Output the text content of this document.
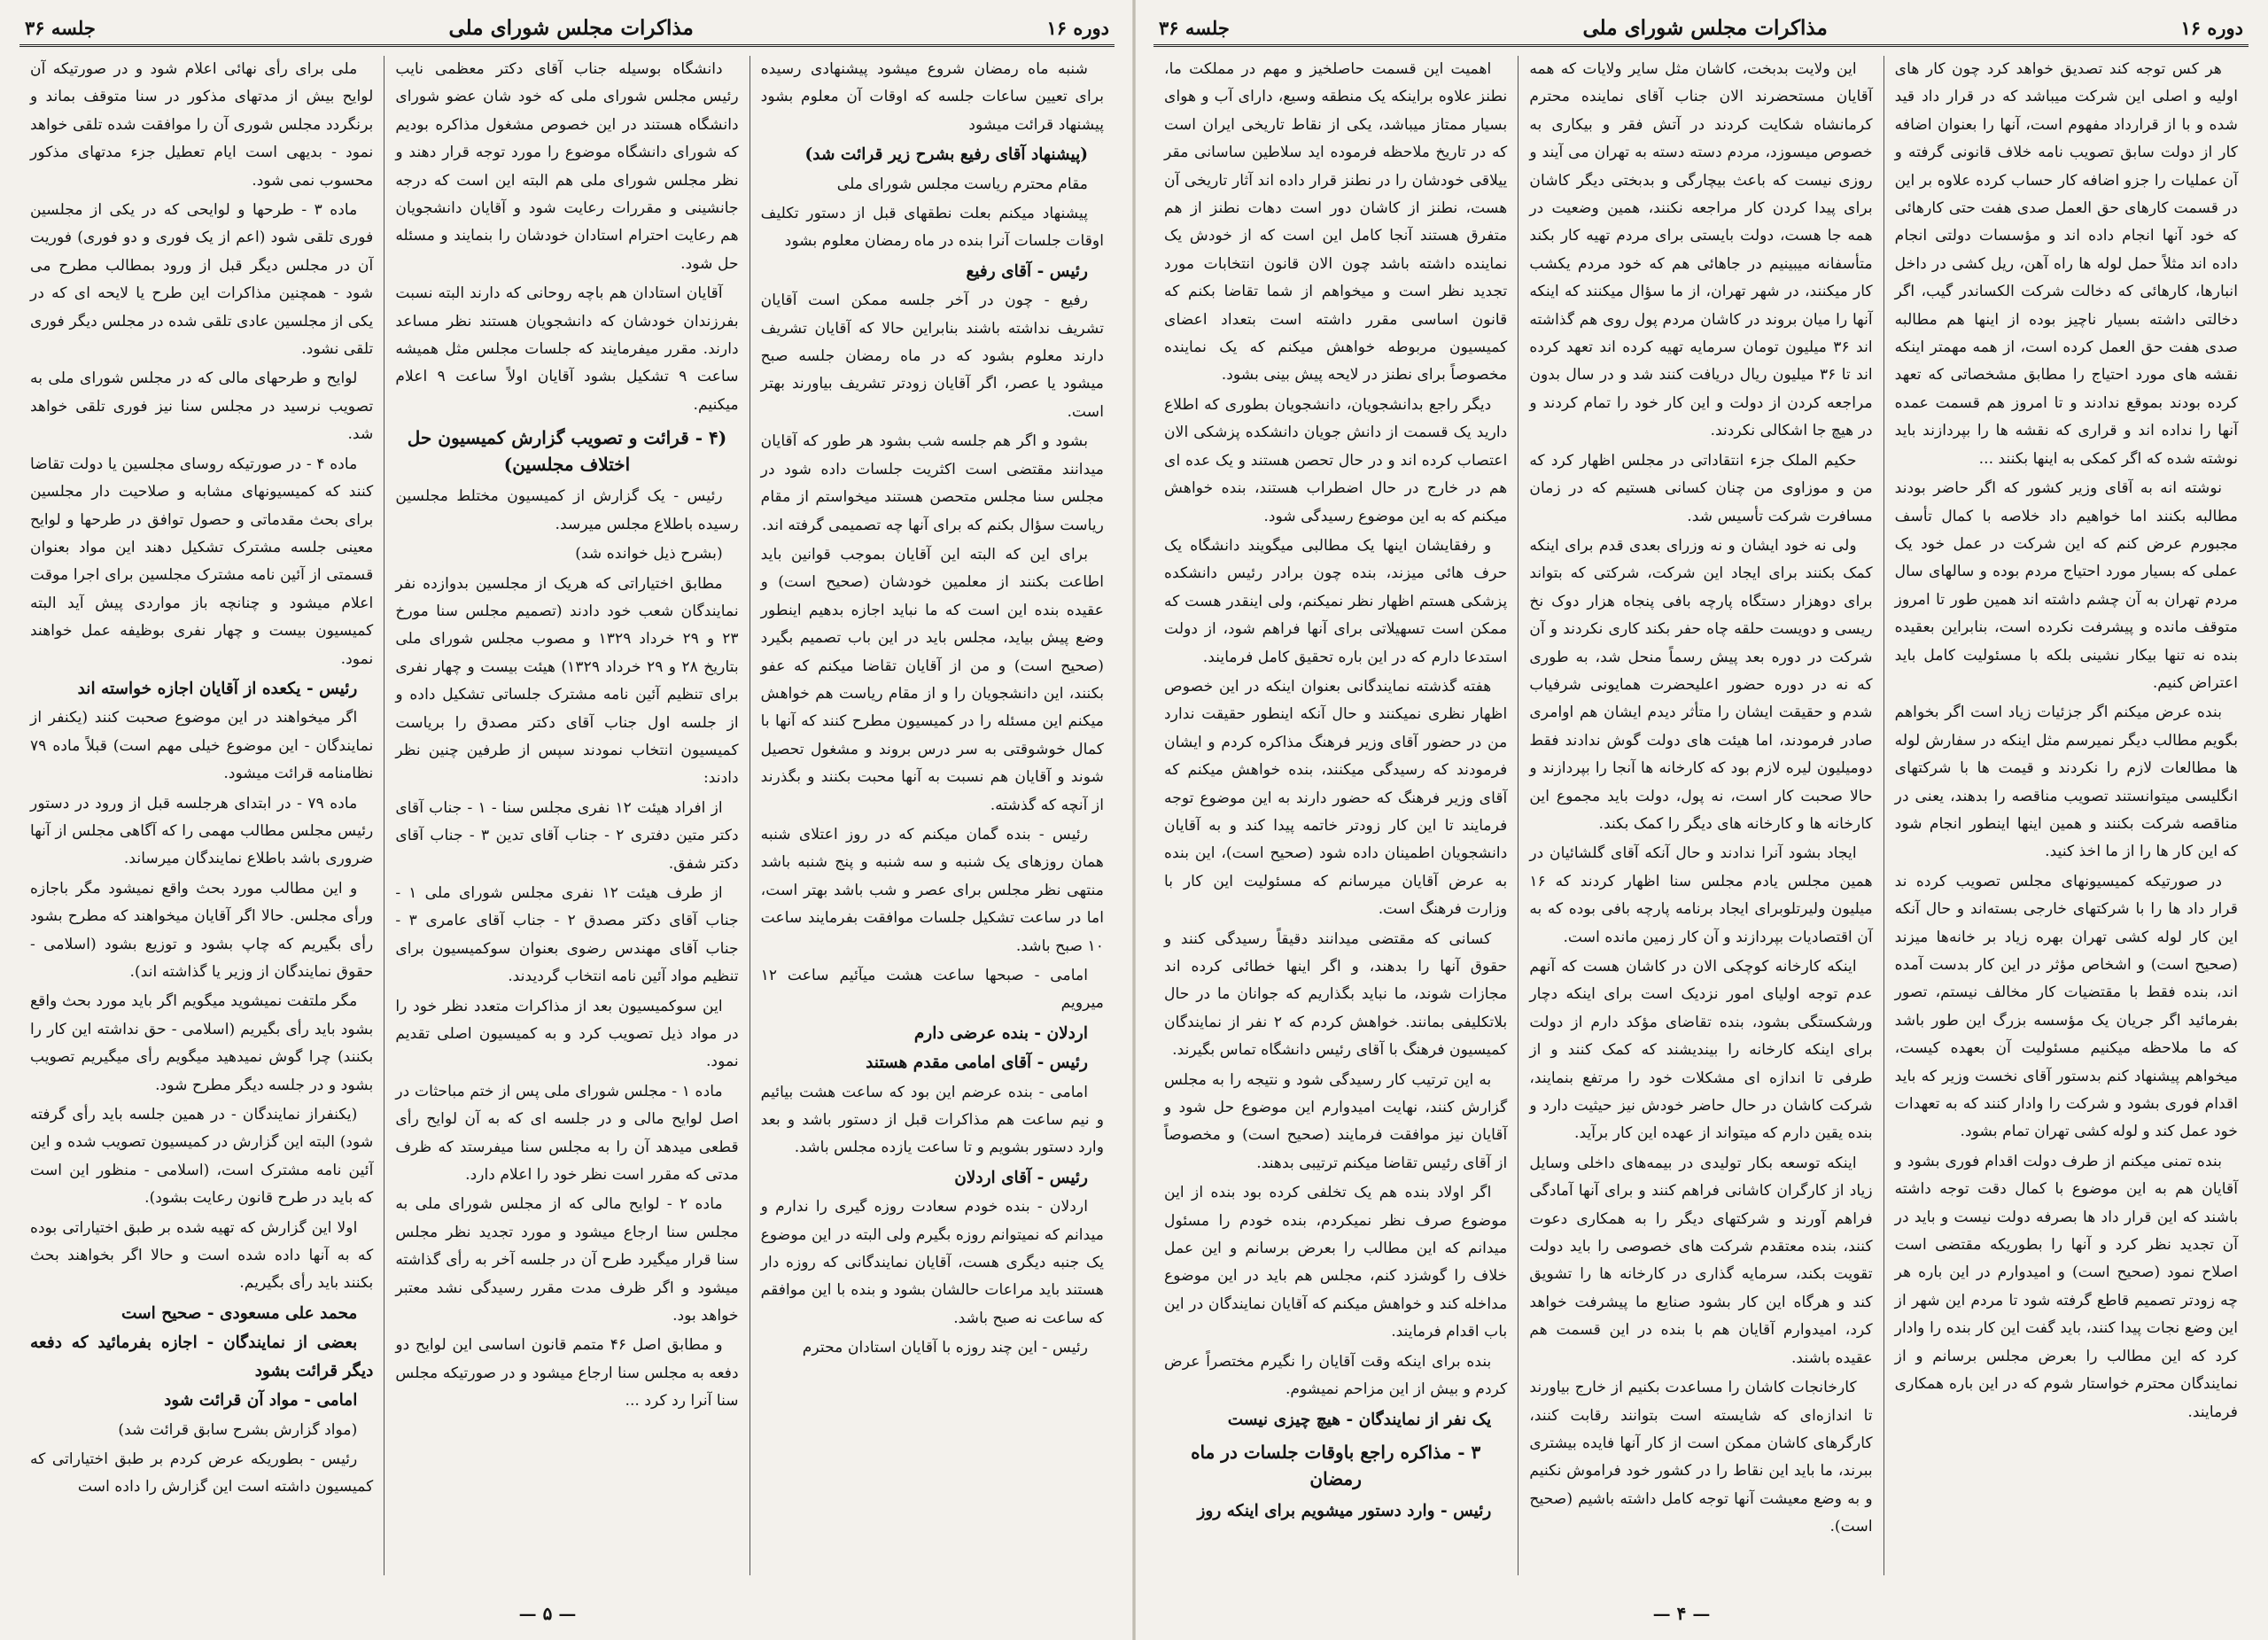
دوره ۱۶
مذاکرات مجلس شورای ملی
جلسه ۳۶

هر کس توجه کند تصدیق خواهد کرد چون کار های اولیه و اصلی این شرکت میباشد که در قرار داد قید شده و با از قرارداد مفهوم است، آنها را بعنوان اضافه کار از دولت سابق تصویب نامه خلاف قانونی گرفته و آن عملیات را جزو اضافه کار حساب کرده علاوه بر این در قسمت کارهای حق العمل صدی هفت حتی کارهائی که خود آنها انجام داده اند و مؤسسات دولتی انجام داده اند مثلاً حمل لوله ها راه آهن، ریل کشی در داخل انبارها، کارهائی که دخالت شرکت الکساندر گیب، اگر دخالتی داشته بسیار ناچیز بوده از اینها هم مطالبه صدی هفت حق العمل کرده است، از همه مهمتر اینکه نقشه های مورد احتیاج را مطابق مشخصاتی که تعهد کرده بودند بموقع ندادند و تا امروز هم قسمت عمده آنها را نداده اند و قراری که نقشه ها را بپردازند باید نوشته شده که اگر کمکی به اینها بکنند ...

نوشته انه به آقای وزیر کشور که اگر حاضر بودند مطالبه بکنند اما خواهیم داد خلاصه با کمال تأسف مجبورم عرض کنم که این شرکت در عمل خود یک عملی که بسیار مورد احتیاج مردم بوده و سالهای سال مردم تهران به آن چشم داشته اند همین طور تا امروز متوقف مانده و پیشرفت نکرده است، بنابراین بعقیده بنده نه تنها بیکار نشینی بلکه با مسئولیت کامل باید اعتراض کنیم.

بنده عرض میکنم اگر جزئیات زیاد است اگر بخواهم بگویم مطالب دیگر نمیرسم مثل اینکه در سفارش لوله ها مطالعات لازم را نکردند و قیمت ها با شرکتهای انگلیسی میتوانستند تصویب مناقصه را بدهند، یعنی در مناقصه شرکت بکنند و همین اینها اینطور انجام شود که این کار ها را از ما اخذ کنید.

در صورتیکه کمیسیونهای مجلس تصویب کرده ند قرار داد ها را با شرکتهای خارجی بسته‌اند و حال آنکه این کار لوله کشی تهران بهره زیاد بر خانه‌ها میزند (صحیح است) و اشخاص مؤثر در این کار بدست آمده اند، بنده فقط با مقتضیات کار مخالف نیستم، تصور بفرمائید اگر جریان یک مؤسسه بزرگ این طور باشد که ما ملاحظه میکنیم مسئولیت آن بعهده کیست، میخواهم پیشنهاد کنم بدستور آقای نخست وزیر که باید اقدام فوری بشود و شرکت را وادار کنند که به تعهدات خود عمل کند و لوله کشی تهران تمام بشود.

بنده تمنی میکنم از طرف دولت اقدام فوری بشود و آقایان هم به این موضوع با کمال دقت توجه داشته باشند که این قرار داد ها بصرفه دولت نیست و باید در آن تجدید نظر کرد و آنها را بطوریکه مقتضی است اصلاح نمود (صحیح است) و امیدوارم در این باره هر چه زودتر تصمیم قاطع گرفته شود تا مردم این شهر از این وضع نجات پیدا کنند، باید گفت این کار بنده را وادار کرد که این مطالب را بعرض مجلس برسانم و از نمایندگان محترم خواستار شوم که در این باره همکاری فرمایند.

این ولایت بدبخت، کاشان مثل سایر ولایات که همه آقایان مستحضرند الان جناب آقای نماینده محترم کرمانشاه شکایت کردند در آتش فقر و بیکاری به خصوص میسوزد، مردم دسته دسته به تهران می آیند و روزی نیست که باعث بیچارگی و بدبختی دیگر کاشان برای پیدا کردن کار مراجعه نکنند، همین وضعیت در همه جا هست، دولت بایستی برای مردم تهیه کار بکند متأسفانه میبینیم در جاهائی هم که خود مردم یکشب کار میکنند، در شهر تهران، از ما سؤال میکنند که اینکه آنها را میان بروند در کاشان مردم پول روی هم گذاشته اند ۳۶ میلیون تومان سرمایه تهیه کرده اند تعهد کرده اند تا ۳۶ میلیون ریال دریافت کنند شد و در سال بدون مراجعه کردن از دولت و این کار خود را تمام کردند و در هیچ جا اشکالی نکردند.

حکیم الملک جزء انتقاداتی در مجلس اظهار کرد که من و موزاوی من چنان کسانی هستیم که در زمان مسافرت شرکت تأسیس شد.

ولی نه خود ایشان و نه وزرای بعدی قدم برای اینکه کمک بکنند برای ایجاد این شرکت، شرکتی که بتواند برای دوهزار دستگاه پارچه بافی پنجاه هزار دوک نخ ریسی و دویست حلقه چاه حفر بکند کاری نکردند و آن شرکت در دوره بعد پیش رسماً منحل شد، به طوری که نه در دوره حضور اعلیحضرت همایونی شرفیاب شدم و حقیقت ایشان را متأثر دیدم ایشان هم اوامری صادر فرمودند، اما هیئت های دولت گوش ندادند فقط دومیلیون لیره لازم بود که کارخانه ها آنجا را بپردازند و حالا صحبت کار است، نه پول، دولت باید مجموع این کارخانه ها و کارخانه های دیگر را کمک بکند.

ایجاد بشود آنرا ندادند و حال آنکه آقای گلشائیان در همین مجلس یادم مجلس سنا اظهار کردند که ۱۶ میلیون ولیرتلوبرای ایجاد برنامه پارچه بافی بوده که به آن اقتصادیات بپردازند و آن کار زمین مانده است.

اینکه کارخانه کوچکی الان در کاشان هست که آنهم عدم توجه اولیای امور نزدیک است برای اینکه دچار ورشکستگی بشود، بنده تقاضای مؤکد دارم از دولت برای اینکه کارخانه را بیندیشند که کمک کنند و از طرفی تا اندازه ای مشکلات خود را مرتفع بنمایند، شرکت کاشان در حال حاضر خودش نیز حیثیت دارد و بنده یقین دارم که میتواند از عهده این کار برآید.

اینکه توسعه بکار تولیدی در بیمه‌های داخلی وسایل زیاد از کارگران کاشانی فراهم کنند و برای آنها آمادگی فراهم آورند و شرکتهای دیگر را به همکاری دعوت کنند، بنده معتقدم شرکت های خصوصی را باید دولت تقویت بکند، سرمایه گذاری در کارخانه ها را تشویق کند و هرگاه این کار بشود صنایع ما پیشرفت خواهد کرد، امیدوارم آقایان هم با بنده در این قسمت هم عقیده باشند.

کارخانجات کاشان را مساعدت بکنیم از خارج بیاورند تا اندازه‌ای که شایسته است بتوانند رقابت کنند، کارگرهای کاشان ممکن است از کار آنها فایده بیشتری ببرند، ما باید این نقاط را در کشور خود فراموش نکنیم و به وضع معیشت آنها توجه کامل داشته باشیم (صحیح است).

اهمیت این قسمت حاصلخیز و مهم در مملکت ما، نطنز علاوه براینکه یک منطقه وسیع، دارای آب و هوای بسیار ممتاز میباشد، یکی از نقاط تاریخی ایران است که در تاریخ ملاحظه فرموده اید سلاطین ساسانی مقر ییلاقی خودشان را در نطنز قرار داده اند آثار تاریخی آن هست، نطنز از کاشان دور است دهات نطنز از هم متفرق هستند آنجا کامل این است که از خودش یک نماینده داشته باشد چون الان قانون انتخابات مورد تجدید نظر است و میخواهم از شما تقاضا بکنم که قانون اساسی مقرر داشته است بتعداد اعضای کمیسیون مربوطه خواهش میکنم که یک نماینده مخصوصاً برای نطنز در لایحه پیش بینی بشود.

دیگر راجع بدانشجویان، دانشجویان بطوری که اطلاع دارید یک قسمت از دانش جویان دانشکده پزشکی الان اعتصاب کرده اند و در حال تحصن هستند و یک عده ای هم در خارج در حال اضطراب هستند، بنده خواهش میکنم که به این موضوع رسیدگی شود.

و رفقایشان اینها یک مطالبی میگویند دانشگاه یک حرف هائی میزند، بنده چون برادر رئیس دانشکده پزشکی هستم اظهار نظر نمیکنم، ولی اینقدر هست که ممکن است تسهیلاتی برای آنها فراهم شود، از دولت استدعا دارم که در این باره تحقیق کامل فرمایند.

هفته گذشته نمایندگانی بعنوان اینکه در این خصوص اظهار نظری نمیکنند و حال آنکه اینطور حقیقت ندارد من در حضور آقای وزیر فرهنگ مذاکره کردم و ایشان فرمودند که رسیدگی میکنند، بنده خواهش میکنم که آقای وزیر فرهنگ که حضور دارند به این موضوع توجه فرمایند تا این کار زودتر خاتمه پیدا کند و به آقایان دانشجویان اطمینان داده شود (صحیح است)، این بنده به عرض آقایان میرسانم که مسئولیت این کار با وزارت فرهنگ است.

کسانی که مقتضی میدانند دقیقاً رسیدگی کنند و حقوق آنها را بدهند، و اگر اینها خطائی کرده اند مجازات شوند، ما نباید بگذاریم که جوانان ما در حال بلاتکلیفی بمانند. خواهش کردم که ۲ نفر از نمایندگان کمیسیون فرهنگ با آقای رئیس دانشگاه تماس بگیرند.

به این ترتیب کار رسیدگی شود و نتیجه را به مجلس گزارش کنند، نهایت امیدوارم این موضوع حل شود و آقایان نیز موافقت فرمایند (صحیح است) و مخصوصاً از آقای رئیس تقاضا میکنم ترتیبی بدهند.

اگر اولاد بنده هم یک تخلفی کرده بود بنده از این موضوع صرف نظر نمیکردم، بنده خودم را مسئول میدانم که این مطالب را بعرض برسانم و این عمل خلاف را گوشزد کنم، مجلس هم باید در این موضوع مداخله کند و خواهش میکنم که آقایان نمایندگان در این باب اقدام فرمایند.

بنده برای اینکه وقت آقایان را نگیرم مختصراً عرض کردم و بیش از این مزاحم نمیشوم.

یک نفر از نمایندگان - هیچ چیزی نیست

۳ - مذاکره راجع باوقات جلسات در ماه رمضان

رئیس - وارد دستور میشویم برای اینکه روز

— ۴ —
دوره ۱۶
مذاکرات مجلس شورای ملی
جلسه ۳۶

شنبه ماه رمضان شروع میشود پیشنهادی رسیده برای تعیین ساعات جلسه که اوقات آن معلوم بشود پیشنهاد قرائت میشود

(پیشنهاد آقای رفیع بشرح زیر قرائت شد)

مقام محترم ریاست مجلس شورای ملی

پیشنهاد میکنم بعلت نطقهای قبل از دستور تکلیف اوقات جلسات آنرا بنده در ماه رمضان معلوم بشود

رئیس - آقای رفیع

رفیع - چون در آخر جلسه ممکن است آقایان تشریف نداشته باشند بنابراین حالا که آقایان تشریف دارند معلوم بشود که در ماه رمضان جلسه صبح میشود یا عصر، اگر آقایان زودتر تشریف بیاورند بهتر است.

بشود و اگر هم جلسه شب بشود هر طور که آقایان میدانند مقتضی است اکثریت جلسات داده شود در مجلس سنا مجلس متحصن هستند میخواستم از مقام ریاست سؤال بکنم که برای آنها چه تصمیمی گرفته اند.

برای این که البته این آقایان بموجب قوانین باید اطاعت بکنند از معلمین خودشان (صحیح است) و عقیده بنده این است که ما نباید اجازه بدهیم اینطور وضع پیش بیاید، مجلس باید در این باب تصمیم بگیرد (صحیح است) و من از آقایان تقاضا میکنم که عفو بکنند، این دانشجویان را و از مقام ریاست هم خواهش میکنم این مسئله را در کمیسیون مطرح کنند که آنها با کمال خوشوقتی به سر درس بروند و مشغول تحصیل شوند و آقایان هم نسبت به آنها محبت بکنند و بگذرند از آنچه که گذشته.

رئیس - بنده گمان میکنم که در روز اعتلای شنبه همان روزهای یک شنبه و سه شنبه و پنج شنبه باشد منتهی نظر مجلس برای عصر و شب باشد بهتر است، اما در ساعت تشکیل جلسات موافقت بفرمایند ساعت ۱۰ صبح باشد.

امامی - صبحها ساعت هشت میآئیم ساعت ۱۲ میرویم

اردلان - بنده عرضی دارم

رئیس - آقای امامی مقدم هستند

امامی - بنده عرضم این بود که ساعت هشت بیائیم و نیم ساعت هم مذاکرات قبل از دستور باشد و بعد وارد دستور بشویم و تا ساعت یازده مجلس باشد.

رئیس - آقای اردلان

اردلان - بنده خودم سعادت روزه گیری را ندارم و میدانم که نمیتوانم روزه بگیرم ولی البته در این موضوع یک جنبه دیگری هست، آقایان نمایندگانی که روزه دار هستند باید مراعات حالشان بشود و بنده با این موافقم که ساعت نه صبح باشد.

رئیس - این چند روزه با آقایان استادان محترم

دانشگاه بوسیله جناب آقای دکتر معظمی نایب رئیس مجلس شورای ملی که خود شان عضو شورای دانشگاه هستند در این خصوص مشغول مذاکره بودیم که شورای دانشگاه موضوع را مورد توجه قرار دهند و نظر مجلس شورای ملی هم البته این است که درجه جانشینی و مقررات رعایت شود و آقایان دانشجویان هم رعایت احترام استادان خودشان را بنمایند و مسئله حل شود.

آقایان استادان هم باچه روحانی که دارند البته نسبت بفرزندان خودشان که دانشجویان هستند نظر مساعد دارند. مقرر میفرمایند که جلسات مجلس مثل همیشه ساعت ۹ تشکیل بشود آقایان اولاً ساعت ۹ اعلام میکنیم.

(۴ - قرائت و تصویب گزارش کمیسیون حل اختلاف مجلسین)

رئیس - یک گزارش از کمیسیون مختلط مجلسین رسیده باطلاع مجلس میرسد.

(بشرح ذیل خوانده شد)

مطابق اختیاراتی که هریک از مجلسین بدوازده نفر نمایندگان شعب خود دادند (تصمیم مجلس سنا مورخ ۲۳ و ۲۹ خرداد ۱۳۲۹ و مصوب مجلس شورای ملی بتاریخ ۲۸ و ۲۹ خرداد ۱۳۲۹) هیئت بیست و چهار نفری برای تنظیم آئین نامه مشترک جلساتی تشکیل داده و از جلسه اول جناب آقای دکتر مصدق را بریاست کمیسیون انتخاب نمودند سپس از طرفین چنین نظر دادند:

از افراد هیئت ۱۲ نفری مجلس سنا - ۱ - جناب آقای دکتر متین دفتری ۲ - جناب آقای تدین ۳ - جناب آقای دکتر شفق.

از طرف هیئت ۱۲ نفری مجلس شورای ملی ۱ - جناب آقای دکتر مصدق ۲ - جناب آقای عامری ۳ - جناب آقای مهندس رضوی بعنوان سوکمیسیون برای تنظیم مواد آئین نامه انتخاب گردیدند.

این سوکمیسیون بعد از مذاکرات متعدد نظر خود را در مواد ذیل تصویب کرد و به کمیسیون اصلی تقدیم نمود.

ماده ۱ - مجلس شورای ملی پس از ختم مباحثات در اصل لوایح مالی و در جلسه ای که به آن لوایح رأی قطعی میدهد آن را به مجلس سنا میفرستد که ظرف مدتی که مقرر است نظر خود را اعلام دارد.

ماده ۲ - لوایح مالی که از مجلس شورای ملی به مجلس سنا ارجاع میشود و مورد تجدید نظر مجلس سنا قرار میگیرد طرح آن در جلسه آخر به رأی گذاشته میشود و اگر ظرف مدت مقرر رسیدگی نشد معتبر خواهد بود.

و مطابق اصل ۴۶ متمم قانون اساسی این لوایح دو دفعه به مجلس سنا ارجاع میشود و در صورتیکه مجلس سنا آنرا رد کرد ...

ملی برای رأی نهائی اعلام شود و در صورتیکه آن لوایح بیش از مدتهای مذکور در سنا متوقف بماند و برنگردد مجلس شوری آن را موافقت شده تلقی خواهد نمود - بدیهی است ایام تعطیل جزء مدتهای مذکور محسوب نمی شود.

ماده ۳ - طرحها و لوایحی که در یکی از مجلسین فوری تلقی شود (اعم از یک فوری و دو فوری) فوریت آن در مجلس دیگر قبل از ورود بمطالب مطرح می شود - همچنین مذاکرات این طرح یا لایحه ای که در یکی از مجلسین عادی تلقی شده در مجلس دیگر فوری تلقی نشود.

لوایح و طرحهای مالی که در مجلس شورای ملی به تصویب نرسید در مجلس سنا نیز فوری تلقی خواهد شد.

ماده ۴ - در صورتیکه روسای مجلسین یا دولت تقاضا کنند که کمیسیونهای مشابه و صلاحیت دار مجلسین برای بحث مقدماتی و حصول توافق در طرحها و لوایح معینی جلسه مشترک تشکیل دهند این مواد بعنوان قسمتی از آئین نامه مشترک مجلسین برای اجرا موقت اعلام میشود و چنانچه باز مواردی پیش آید البته کمیسیون بیست و چهار نفری بوظیفه عمل خواهند نمود.

رئیس - یکعده از آقایان اجازه خواسته اند

اگر میخواهند در این موضوع صحبت کنند (یکنفر از نمایندگان - این موضوع خیلی مهم است) قبلاً ماده ۷۹ نظامنامه قرائت میشود.

ماده ۷۹ - در ابتدای هرجلسه قبل از ورود در دستور رئیس مجلس مطالب مهمی را که آگاهی مجلس از آنها ضروری باشد باطلاع نمایندگان میرساند.

و این مطالب مورد بحث واقع نمیشود مگر باجازه ورأی مجلس. حالا اگر آقایان میخواهند که مطرح بشود رأی بگیریم که چاپ بشود و توزیع بشود (اسلامی - حقوق نمایندگان از وزیر یا گذاشته اند).

مگر ملتفت نمیشوید میگویم اگر باید مورد بحث واقع بشود باید رأی بگیریم (اسلامی - حق نداشته این کار را بکنند) چرا گوش نمیدهید میگویم رأی میگیریم تصویب بشود و در جلسه دیگر مطرح شود.

(یکنفراز نمایندگان - در همین جلسه باید رأی گرفته شود) البته این گزارش در کمیسیون تصویب شده و این آئین نامه مشترک است، (اسلامی - منظور این است که باید در طرح قانون رعایت بشود).

اولا این گزارش که تهیه شده بر طبق اختیاراتی بوده که به آنها داده شده است و حالا اگر بخواهند بحث بکنند باید رأی بگیریم.

محمد علی مسعودی - صحیح است

بعضی از نمایندگان - اجازه بفرمائید که دفعه دیگر قرائت بشود

امامی - مواد آن قرائت شود

(مواد گزارش بشرح سابق قرائت شد)

رئیس - بطوریکه عرض کردم بر طبق اختیاراتی که کمیسیون داشته است این گزارش را داده است

— ۵ —
